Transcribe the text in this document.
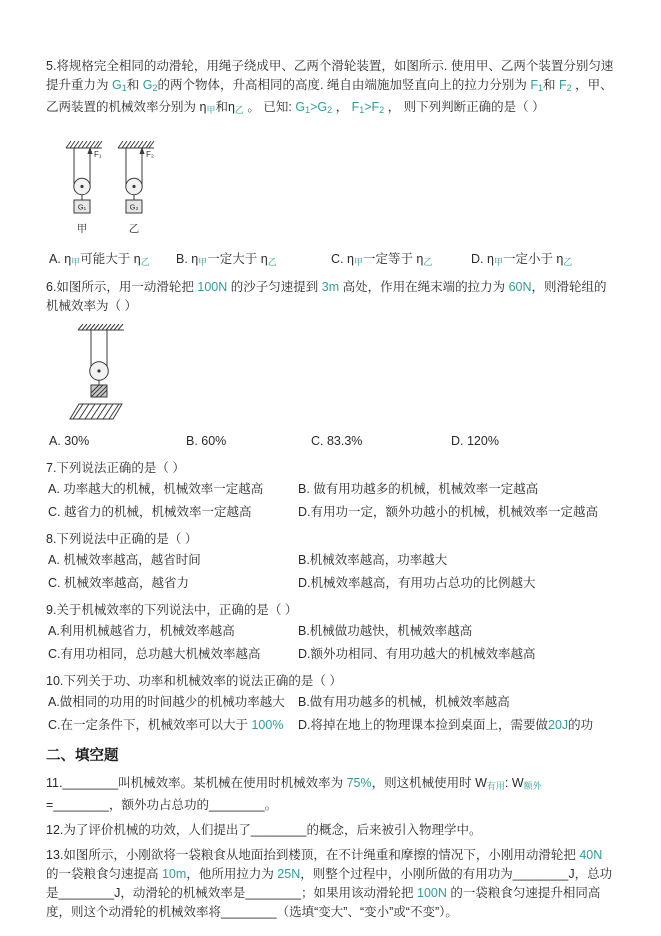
5.将规格完全相同的动滑轮，用绳子绕成甲、乙两个滑轮装置，如图所示. 使用甲、乙两个装置分别匀速提升重力为 $G_1$和 $G_2$的两个物体，升高相同的高度. 绳自由端施加竖直向上的拉力分别为 $F_1$和 $F_2$ ，甲、乙两装置的机械效率分别为 $\eta_甲$和$\eta_乙$ 。 已知: $G_1>G_2$ ， $F_1>F_2$ ， 则下列判断正确的是（ ）

F₁
G₁
甲
F₂
G₂
乙
A. $\eta_甲$可能大于 $\eta_乙$	B. $\eta_甲$一定大于 $\eta_乙$	C. $\eta_甲$一定等于 $\eta_乙$	D. $\eta_甲$一定小于 $\eta_乙$

6.如图所示，用一动滑轮把 100N 的沙子匀速提到 3m 高处，作用在绳末端的拉力为 60N，则滑轮组的机械效率为（ ）

A. 30%	B. 60%	C. 83.3%	D. 120%

7.下列说法正确的是（ ）

A. 功率越大的机械，机械效率一定越高	B. 做有用功越多的机械，机械效率一定越高
C. 越省力的机械，机械效率一定越高	D.有用功一定，额外功越小的机械，机械效率一定越高

8.下列说法中正确的是（ ）

A. 机械效率越高，越省时间	B.机械效率越高，功率越大
C. 机械效率越高，越省力	D.机械效率越高，有用功占总功的比例越大

9.关于机械效率的下列说法中，正确的是（ ）

A.利用机械越省力，机械效率越高	B.机械做功越快，机械效率越高
C.有用功相同，总功越大机械效率越高	D.额外功相同、有用功越大的机械效率越高

10.下列关于功、功率和机械效率的说法正确的是（ ）

A.做相同的功用的时间越少的机械功率越大	B.做有用功越多的机械，机械效率越高
C.在一定条件下，机械效率可以大于 100%	D.将掉在地上的物理课本捡到桌面上，需要做20J的功
二、填空题

11.________叫机械效率。某机械在使用时机械效率为 75%，则这机械使用时 $W_{有用}$: $W_{额外}=\_\_\_\_\_\_\_\_$，额外功占总功的________。

12.为了评价机械的功效，人们提出了________的概念，后来被引入物理学中。

13.如图所示，小刚欲将一袋粮食从地面抬到楼顶，在不计绳重和摩擦的情况下，小刚用动滑轮把 40N 的一袋粮食匀速提高 10m，他所用拉力为 25N，则整个过程中，小刚所做的有用功为________J，总功是________J，动滑轮的机械效率是________；如果用该动滑轮把 100N 的一袋粮食匀速提升相同高度，则这个动滑轮的机械效率将________（选填“变大”、“变小”或“不变”）。
